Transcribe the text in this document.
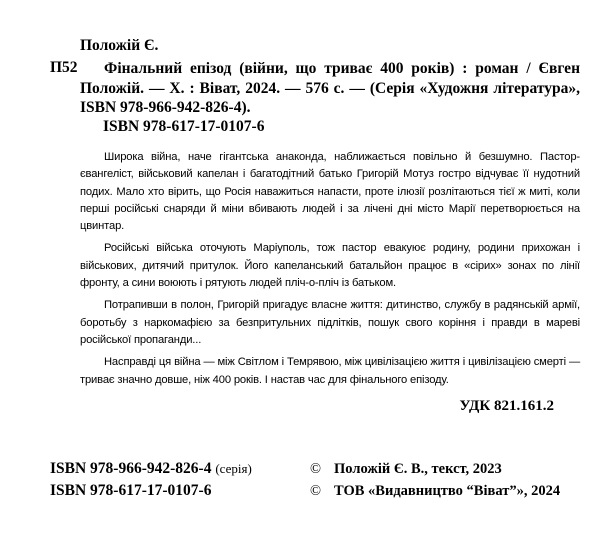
Положій Є.
П52	Фінальний епізод (війни, що триває 400 років) : роман / Євген Положій. — Х. : Віват, 2024. — 576 с. — (Серія «Художня література», ISBN 978-966-942-826-4).

ISBN 978-617-17-0107-6

Широка війна, наче гігантська анаконда, наближається повільно й безшумно. Пастор-євангеліст, військовий капелан і багатодітний батько Григорій Мотуз гостро відчуває її нудотний подих. Мало хто вірить, що Росія наважиться напасти, проте ілюзії розлітаються тієї ж миті, коли перші російські снаряди й міни вбивають людей і за лічені дні місто Марії перетворюється на цвинтар.

Російські війська оточують Маріуполь, тож пастор евакуює родину, родини прихожан і військових, дитячий притулок. Його капеланський батальйон працює в «сірих» зонах по лінії фронту, а сини воюють і рятують людей пліч-о-пліч із батьком.

Потрапивши в полон, Григорій пригадує власне життя: дитинство, службу в радянській армії, боротьбу з наркомафією за безпритульних підлітків, пошук свого коріння і правди в мареві російської пропаганди...

Насправді ця війна — між Світлом і Темрявою, між цивілізацією життя і цивілізацією смерті — триває значно довше, ніж 400 років. І настав час для фінального епізоду.

УДК 821.161.2
ISBN 978-966-942-826-4 (серія)
ISBN 978-617-17-0107-6
© Положій Є. В., текст, 2023
© ТОВ «Видавництво “Віват”», 2024
